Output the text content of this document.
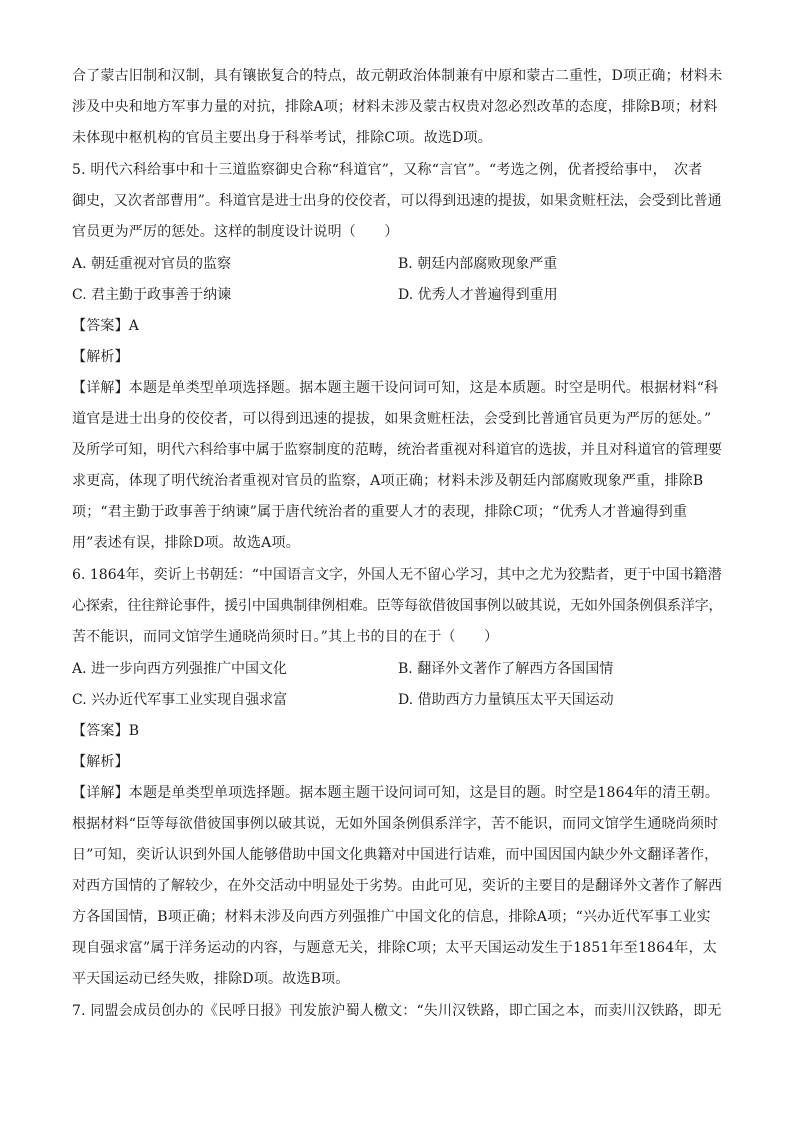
合了蒙古旧制和汉制，具有镶嵌复合的特点，故元朝政治体制兼有中原和蒙古二重性，D项正确；材料未
涉及中央和地方军事力量的对抗，排除A项；材料未涉及蒙古权贵对忽必烈改革的态度，排除B项；材料
未体现中枢机构的官员主要出身于科举考试，排除C项。故选D项。
5. 明代六科给事中和十三道监察御史合称“科道官”，又称“言官”。“考选之例，优者授给事中，　次者
御史，又次者部曹用”。科道官是进士出身的佼佼者，可以得到迅速的提拔，如果贪赃枉法，会受到比普通
官员更为严厉的惩处。这样的制度设计说明（　　）
A. 朝廷重视对官员的监察	B. 朝廷内部腐败现象严重
C. 君主勤于政事善于纳谏	D. 优秀人才普遍得到重用
【答案】A
【解析】
【详解】本题是单类型单项选择题。据本题主题干设问词可知，这是本质题。时空是明代。根据材料“科
道官是进士出身的佼佼者，可以得到迅速的提拔，如果贪赃枉法，会受到比普通官员更为严厉的惩处。”
及所学可知，明代六科给事中属于监察制度的范畴，统治者重视对科道官的选拔，并且对科道官的管理要
求更高，体现了明代统治者重视对官员的监察，A项正确；材料未涉及朝廷内部腐败现象严重，排除B
项；“君主勤于政事善于纳谏”属于唐代统治者的重要人才的表现，排除C项；“优秀人才普遍得到重
用”表述有误，排除D项。故选A项。
6. 1864年，奕䜣上书朝廷：“中国语言文字，外国人无不留心学习，其中之尤为狡黠者，更于中国书籍潜
心探索，往往辩论事件，援引中国典制律例相难。臣等每欲借彼国事例以破其说，无如外国条例俱系洋字，
苦不能识，而同文馆学生通晓尚须时日。”其上书的目的在于（　　）
A. 进一步向西方列强推广中国文化	B. 翻译外文著作了解西方各国国情
C. 兴办近代军事工业实现自强求富	D. 借助西方力量镇压太平天国运动
【答案】B
【解析】
【详解】本题是单类型单项选择题。据本题主题干设问词可知，这是目的题。时空是1864年的清王朝。
根据材料“臣等每欲借彼国事例以破其说，无如外国条例俱系洋字，苦不能识，而同文馆学生通晓尚须时
日”可知，奕䜣认识到外国人能够借助中国文化典籍对中国进行诘难，而中国因国内缺少外文翻译著作，
对西方国情的了解较少，在外交活动中明显处于劣势。由此可见，奕䜣的主要目的是翻译外文著作了解西
方各国国情，B项正确；材料未涉及向西方列强推广中国文化的信息，排除A项；“兴办近代军事工业实
现自强求富”属于洋务运动的内容，与题意无关，排除C项；太平天国运动发生于1851年至1864年，太
平天国运动已经失败，排除D项。故选B项。
7. 同盟会成员创办的《民呼日报》刊发旅沪蜀人檄文：“失川汉铁路，即亡国之本，而卖川汉铁路，即无
